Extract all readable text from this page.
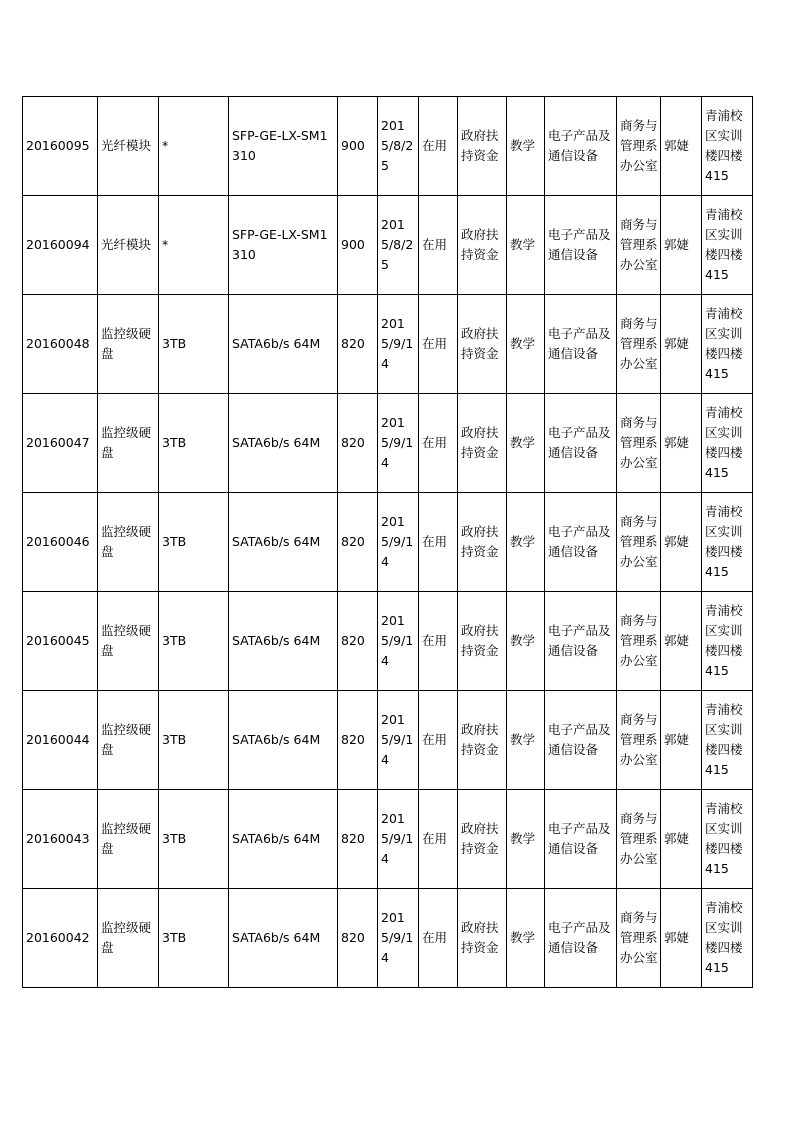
20160095	光纤模块	*	SFP-GE-LX-SM1310	900	2015/8/25	在用	政府扶持资金	教学	电子产品及通信设备	商务与管理系办公室	郭婕	青浦校区实训楼四楼415

20160094	光纤模块	*	SFP-GE-LX-SM1310	900	2015/8/25	在用	政府扶持资金	教学	电子产品及通信设备	商务与管理系办公室	郭婕	青浦校区实训楼四楼415

20160048	监控级硬盘	3TB	SATA6b/s 64M	820	2015/9/14	在用	政府扶持资金	教学	电子产品及通信设备	商务与管理系办公室	郭婕	青浦校区实训楼四楼415

20160047	监控级硬盘	3TB	SATA6b/s 64M	820	2015/9/14	在用	政府扶持资金	教学	电子产品及通信设备	商务与管理系办公室	郭婕	青浦校区实训楼四楼415

20160046	监控级硬盘	3TB	SATA6b/s 64M	820	2015/9/14	在用	政府扶持资金	教学	电子产品及通信设备	商务与管理系办公室	郭婕	青浦校区实训楼四楼415

20160045	监控级硬盘	3TB	SATA6b/s 64M	820	2015/9/14	在用	政府扶持资金	教学	电子产品及通信设备	商务与管理系办公室	郭婕	青浦校区实训楼四楼415

20160044	监控级硬盘	3TB	SATA6b/s 64M	820	2015/9/14	在用	政府扶持资金	教学	电子产品及通信设备	商务与管理系办公室	郭婕	青浦校区实训楼四楼415

20160043	监控级硬盘	3TB	SATA6b/s 64M	820	2015/9/14	在用	政府扶持资金	教学	电子产品及通信设备	商务与管理系办公室	郭婕	青浦校区实训楼四楼415

20160042	监控级硬盘	3TB	SATA6b/s 64M	820	2015/9/14	在用	政府扶持资金	教学	电子产品及通信设备	商务与管理系办公室	郭婕	青浦校区实训楼四楼415
